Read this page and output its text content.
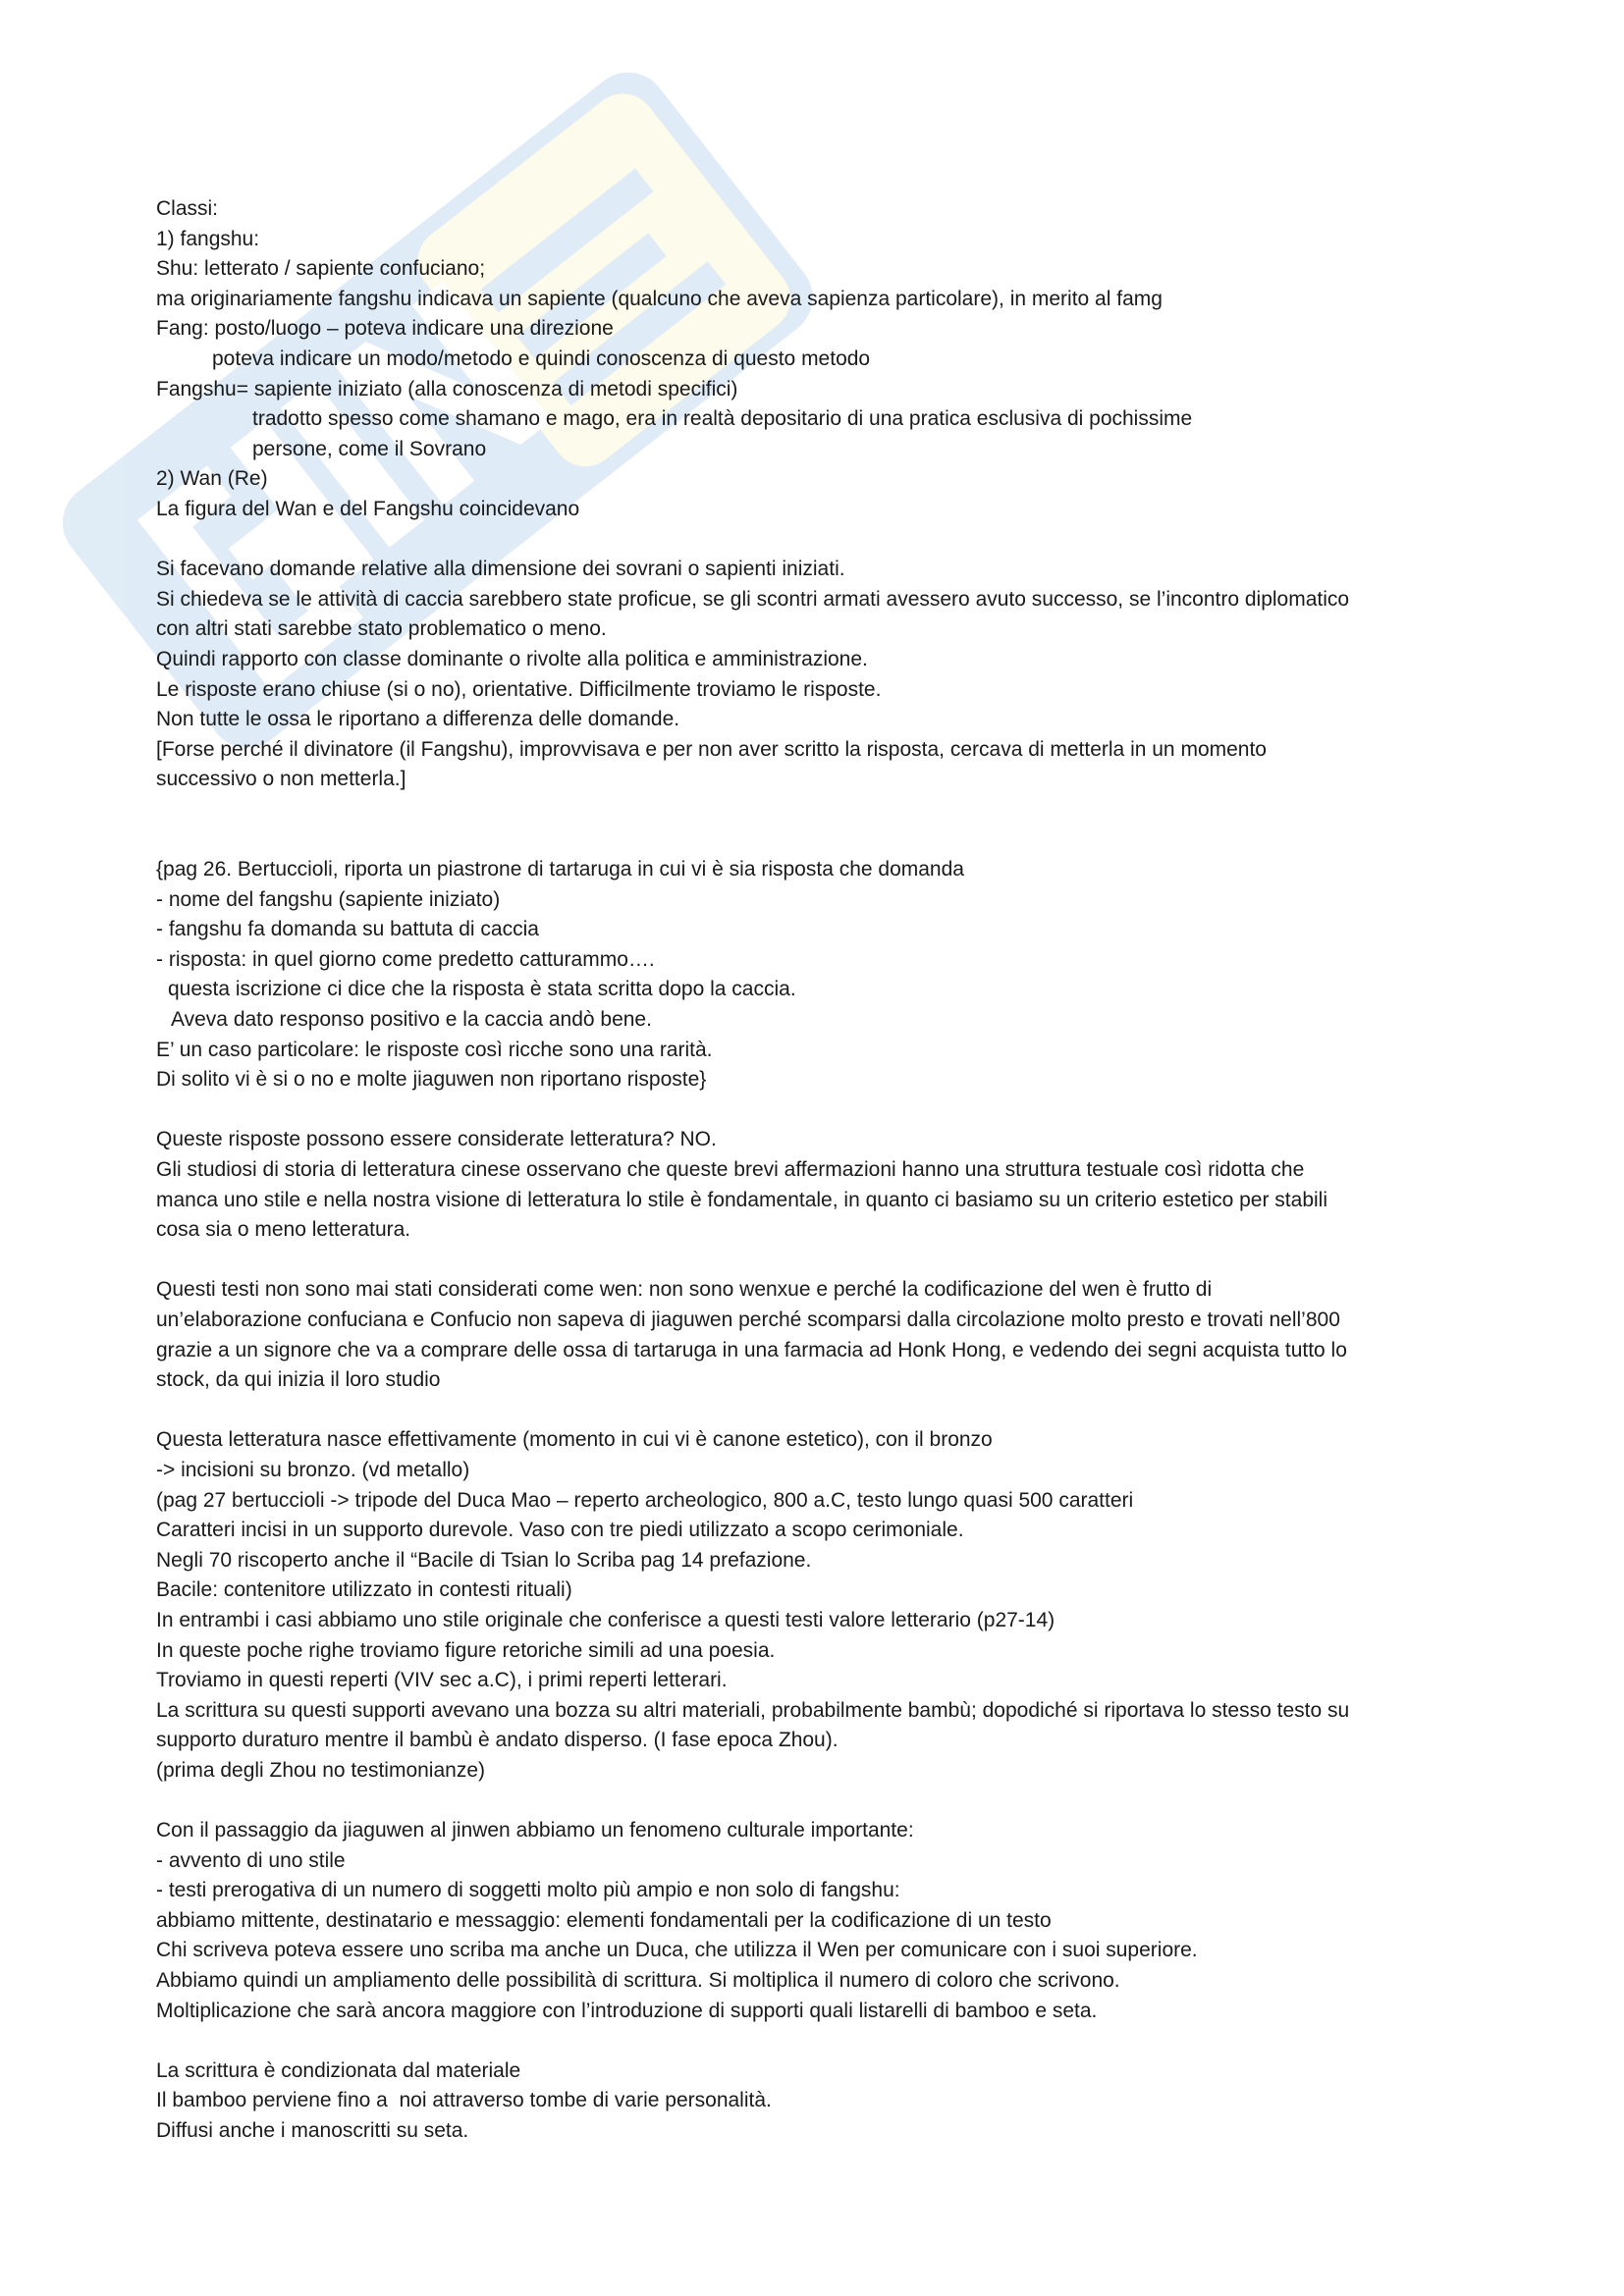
Classi:
1) fangshu:
Shu: letterato / sapiente confuciano;
ma originariamente fangshu indicava un sapiente (qualcuno che aveva sapienza particolare), in merito al famg
Fang: posto/luogo – poteva indicare una direzione
poteva indicare un modo/metodo e quindi conoscenza di questo metodo
Fangshu= sapiente iniziato (alla conoscenza di metodi specifici)
tradotto spesso come shamano e mago, era in realtà depositario di una pratica esclusiva di pochissime
persone, come il Sovrano
2) Wan (Re)
La figura del Wan e del Fangshu coincidevano
Si facevano domande relative alla dimensione dei sovrani o sapienti iniziati.
Si chiedeva se le attività di caccia sarebbero state proficue, se gli scontri armati avessero avuto successo, se l’incontro diplomatico
con altri stati sarebbe stato problematico o meno.
Quindi rapporto con classe dominante o rivolte alla politica e amministrazione.
Le risposte erano chiuse (si o no), orientative. Difficilmente troviamo le risposte.
Non tutte le ossa le riportano a differenza delle domande.
[Forse perché il divinatore (il Fangshu), improvvisava e per non aver scritto la risposta, cercava di metterla in un momento
successivo o non metterla.]
{pag 26. Bertuccioli, riporta un piastrone di tartaruga in cui vi è sia risposta che domanda
- nome del fangshu (sapiente iniziato)
- fangshu fa domanda su battuta di caccia
- risposta: in quel giorno come predetto catturammo….
questa iscrizione ci dice che la risposta è stata scritta dopo la caccia.
Aveva dato responso positivo e la caccia andò bene.
E’ un caso particolare: le risposte così ricche sono una rarità.
Di solito vi è si o no e molte jiaguwen non riportano risposte}
Queste risposte possono essere considerate letteratura? NO.
Gli studiosi di storia di letteratura cinese osservano che queste brevi affermazioni hanno una struttura testuale così ridotta che
manca uno stile e nella nostra visione di letteratura lo stile è fondamentale, in quanto ci basiamo su un criterio estetico per stabili
cosa sia o meno letteratura.
Questi testi non sono mai stati considerati come wen: non sono wenxue e perché la codificazione del wen è frutto di
un’elaborazione confuciana e Confucio non sapeva di jiaguwen perché scomparsi dalla circolazione molto presto e trovati nell’800
grazie a un signore che va a comprare delle ossa di tartaruga in una farmacia ad Honk Hong, e vedendo dei segni acquista tutto lo
stock, da qui inizia il loro studio
Questa letteratura nasce effettivamente (momento in cui vi è canone estetico), con il bronzo
-> incisioni su bronzo. (vd metallo)
(pag 27 bertuccioli -> tripode del Duca Mao – reperto archeologico, 800 a.C, testo lungo quasi 500 caratteri
Caratteri incisi in un supporto durevole. Vaso con tre piedi utilizzato a scopo cerimoniale.
Negli 70 riscoperto anche il “Bacile di Tsian lo Scriba pag 14 prefazione.
Bacile: contenitore utilizzato in contesti rituali)
In entrambi i casi abbiamo uno stile originale che conferisce a questi testi valore letterario (p27-14)
In queste poche righe troviamo figure retoriche simili ad una poesia.
Troviamo in questi reperti (VIV sec a.C), i primi reperti letterari.
La scrittura su questi supporti avevano una bozza su altri materiali, probabilmente bambù; dopodiché si riportava lo stesso testo su
supporto duraturo mentre il bambù è andato disperso. (I fase epoca Zhou).
(prima degli Zhou no testimonianze)
Con il passaggio da jiaguwen al jinwen abbiamo un fenomeno culturale importante:
- avvento di uno stile
- testi prerogativa di un numero di soggetti molto più ampio e non solo di fangshu:
abbiamo mittente, destinatario e messaggio: elementi fondamentali per la codificazione di un testo
Chi scriveva poteva essere uno scriba ma anche un Duca, che utilizza il Wen per comunicare con i suoi superiore.
Abbiamo quindi un ampliamento delle possibilità di scrittura. Si moltiplica il numero di coloro che scrivono.
Moltiplicazione che sarà ancora maggiore con l’introduzione di supporti quali listarelli di bamboo e seta.
La scrittura è condizionata dal materiale
Il bamboo perviene fino a  noi attraverso tombe di varie personalità.
Diffusi anche i manoscritti su seta.
